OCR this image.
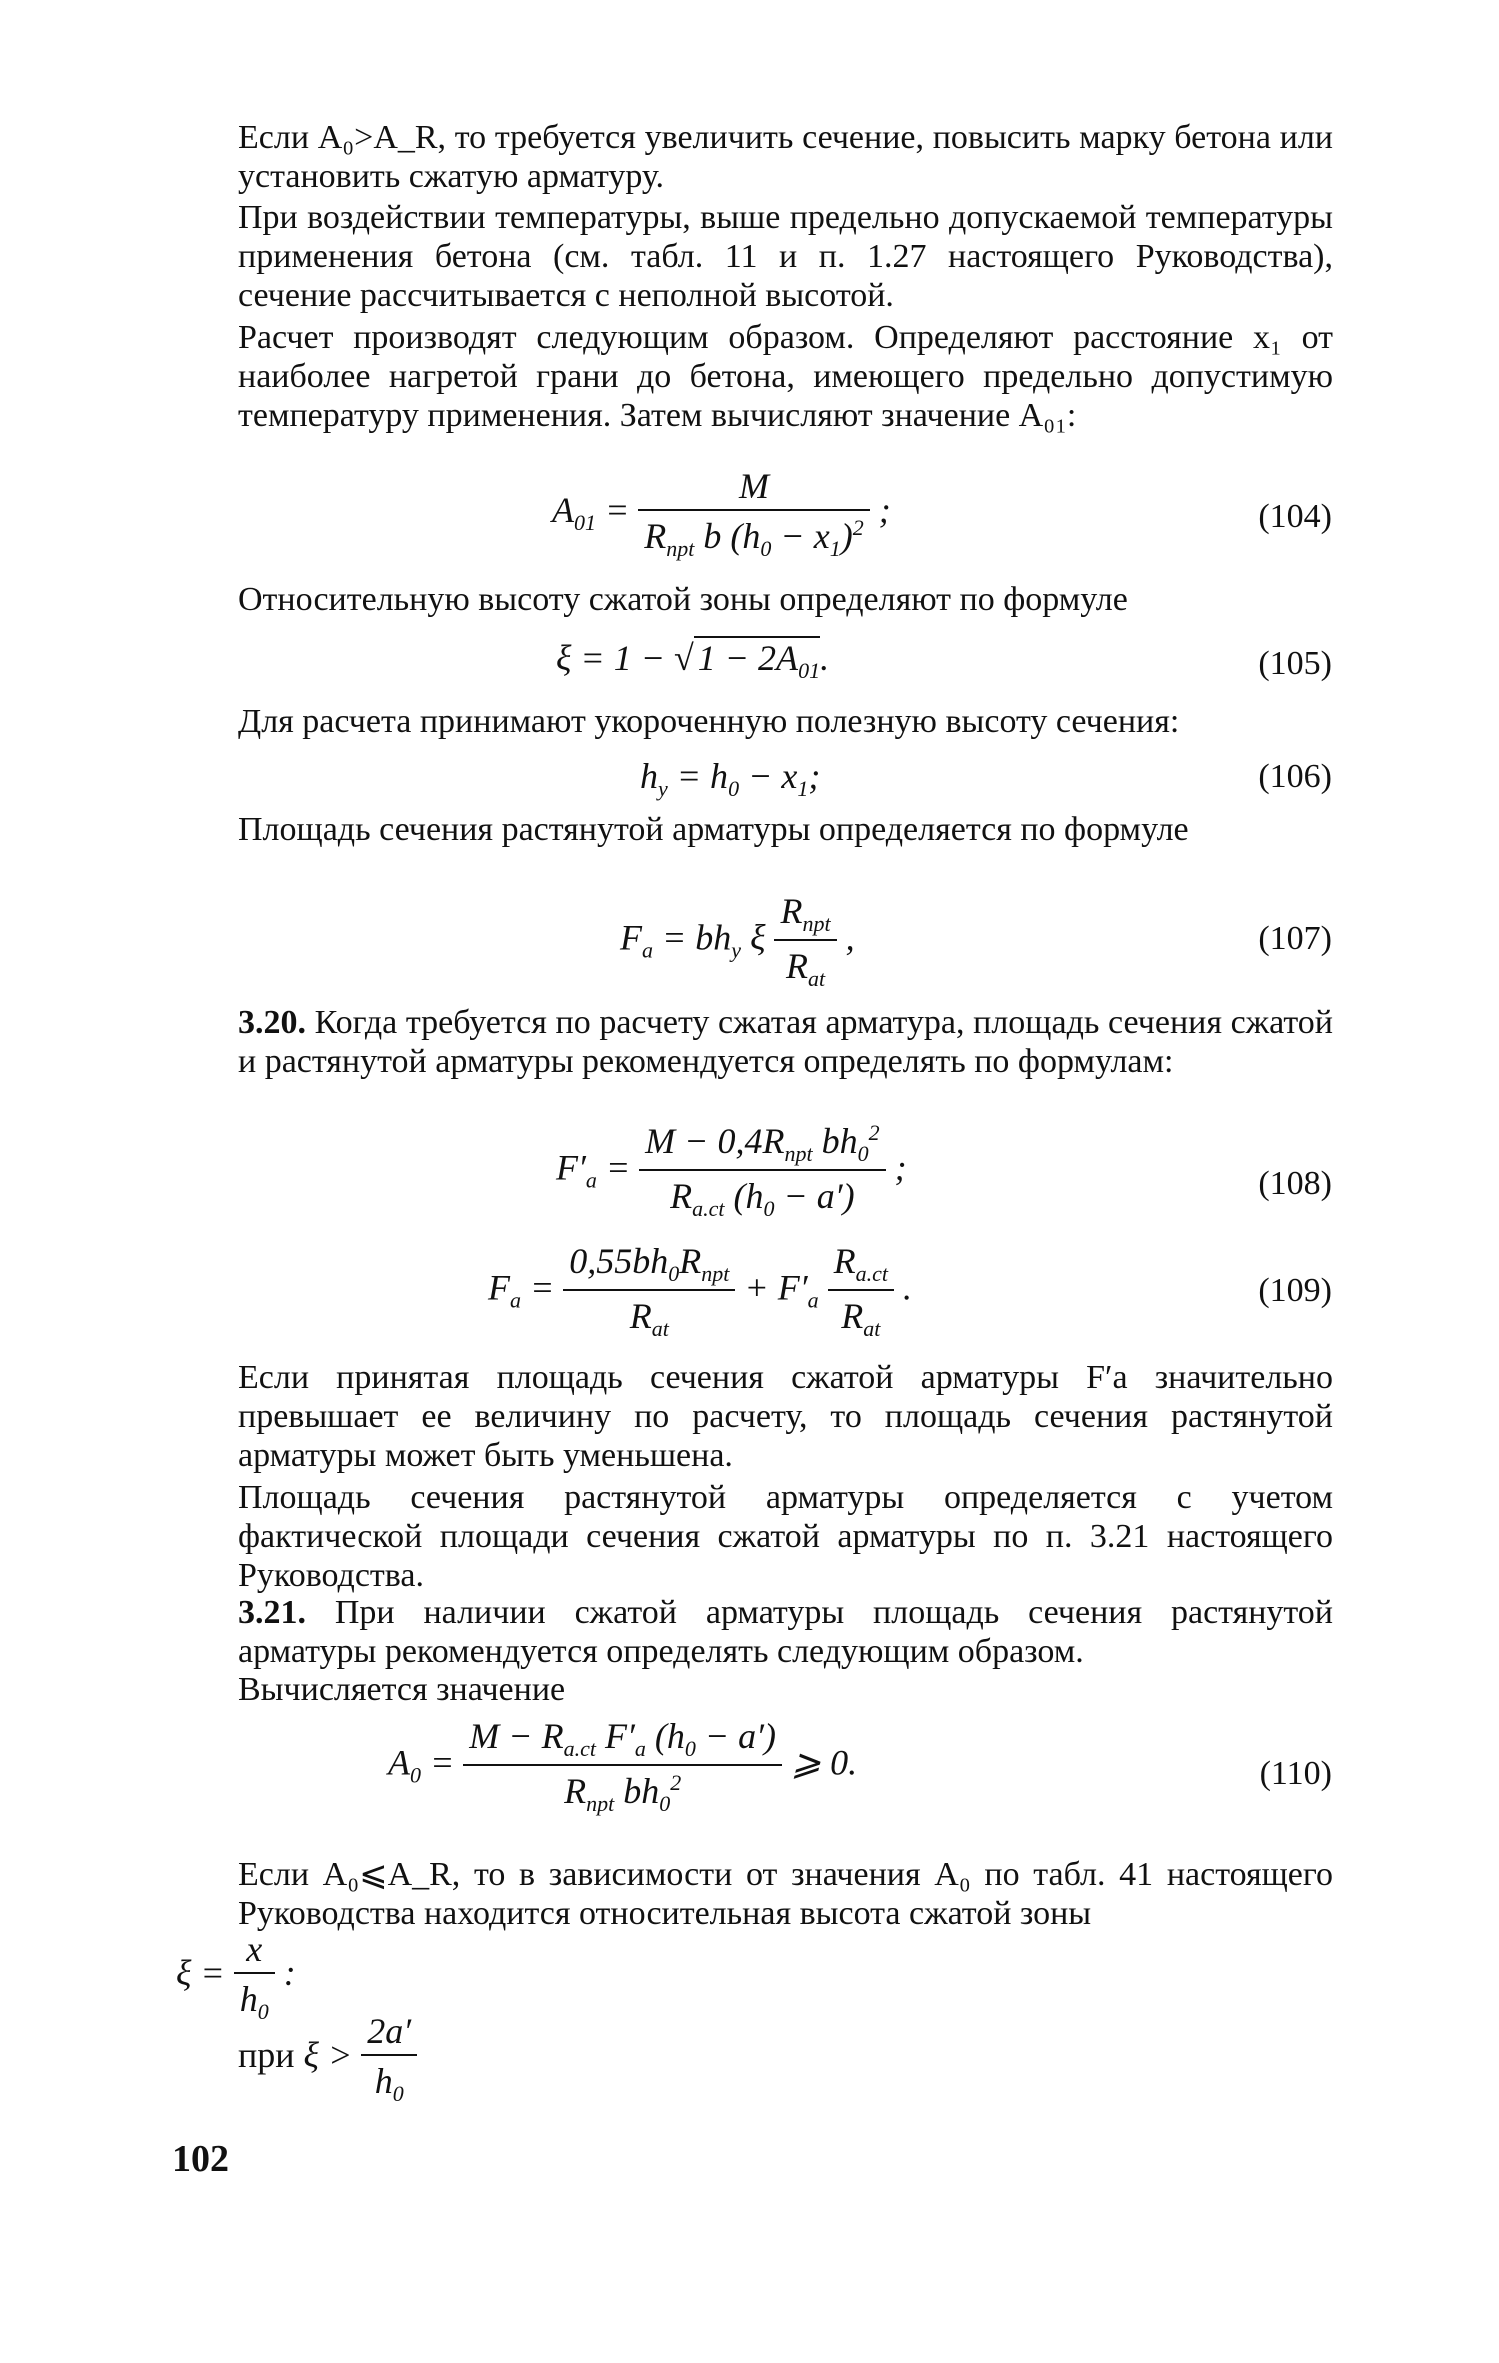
Если A₀>A_R, то требуется увеличить сечение, повысить марку бетона или установить сжатую арматуру.

При воздействии температуры, выше предельно допускаемой температуры применения бетона (см. табл. 11 и п. 1.27 настоящего Руководства), сечение рассчитывается с неполной высотой.

Расчет производят следующим образом. Определяют расстояние x₁ от наиболее нагретой грани до бетона, имеющего предельно допустимую температуру применения. Затем вычисляют значение A₀₁:

$A_{01} = \frac{M}{R_{прt} b (h_0 - x_1)^2}$ ;	(104)

Относительную высоту сжатой зоны определяют по формуле

ξ = 1 − √ $1 - 2A_{01}$.	(105)

Для расчета принимают укороченную полезную высоту сечения:

$h_у = h_0 - x_1$;	(106)

Площадь сечения растянутой арматуры определяется по формуле

$F_a = bh_у$ ξ $\frac{R_{прt}}{R_{at}}$ ,	(107)

3.20. Когда требуется по расчету сжатая арматура, площадь сечения сжатой и растянутой арматуры рекомендуется определять по формулам:

$F'_a = \frac{M - 0,4R_{прt} bh_0^2}{R_{a.ct} (h_0 - a')}$ ;	(108)
$F_a = \frac{0,55bh_0R_{прt}}{R_{at}} + F'_a \frac{R_{a.ct}}{R_{at}}$ .	(109)

Если принятая площадь сечения сжатой арматуры F′a значительно превышает ее величину по расчету, то площадь сечения растянутой арматуры может быть уменьшена.

Площадь сечения растянутой арматуры определяется с учетом фактической площади сечения сжатой арматуры по п. 3.21 настоящего Руководства.

3.21. При наличии сжатой арматуры площадь сечения растянутой арматуры рекомендуется определять следующим образом.

Вычисляется значение

$A_0 = \frac{M - R_{a.ct} F'_a (h_0 - a')}{R_{прt} bh_0^2}$ ⩾ 0.	(110)

Если A₀⩽A_R, то в зависимости от значения A₀ по табл. 41 настоящего Руководства находится относительная высота сжатой зоны

$\xi = \frac{x}{h_0}$ :
при $\xi > \frac{2a'}{h_0}$
102
